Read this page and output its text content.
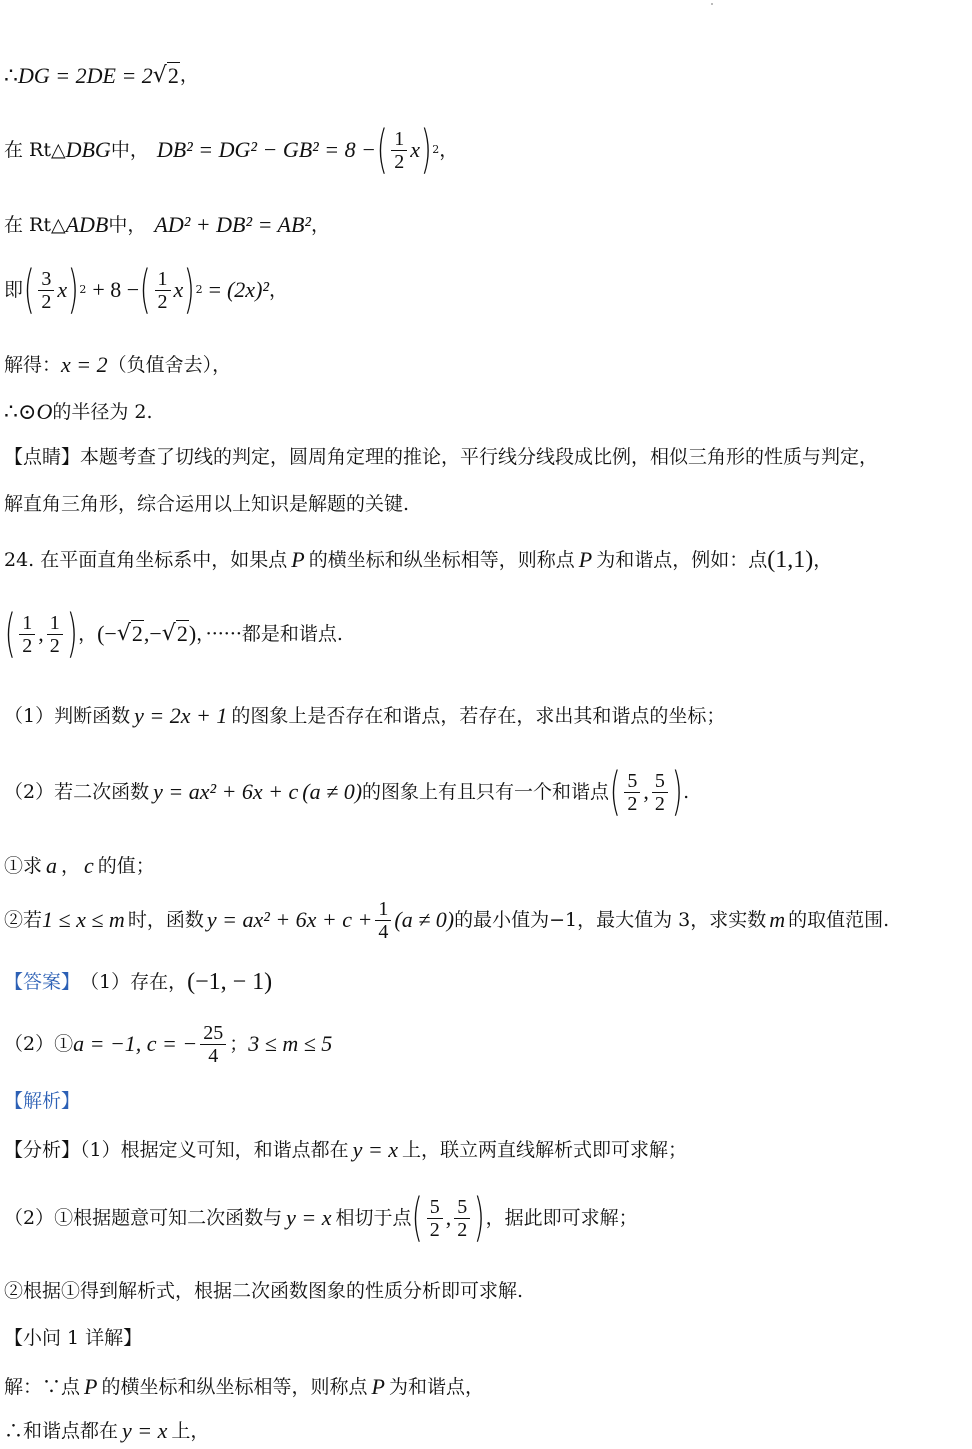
∴ DG = 2DE = 2 √ 2 ，
在 Rt△ DBG 中， DB² = DG² − GB² = 8 − ( $\frac{1}{2}$ x ) 2 ，
在 Rt△ ADB 中， AD² + DB² = AB² ，
即 ( $\frac{3}{2}$ x ) 2 + 8 − ( $\frac{1}{2}$ x ) 2 = (2x)² ，
解得： x = 2 （负值舍去），
∴⊙ O 的半径为 2.
【点睛】本题考查了切线的判定，圆周角定理的推论，平行线分线段成比例，相似三角形的性质与判定，
解直角三角形，综合运用以上知识是解题的关键.
24. 在平面直角坐标系中，如果点 P 的横坐标和纵坐标相等，则称点 P 为和谐点，例如：点 (1,1) ，
( $\frac{1}{2}$ , $\frac{1}{2}$ ) ， (− √ 2 ,− √ 2 ) ，······都是和谐点.
（1）判断函数 y = 2x + 1 的图象上是否存在和谐点，若存在，求出其和谐点的坐标；
（2）若二次函数 y = ax² + 6x + c (a ≠ 0) 的图象上有且只有一个和谐点 ( $\frac{5}{2}$ , $\frac{5}{2}$ ) .
①求 a ， c 的值；
②若 1 ≤ x ≤ m 时，函数 $y = ax^2 + 6x + c + \frac{1}{4} (a \ne 0)$ 的最小值为−1，最大值为 3，求实数 m 的取值范围.
【答案】 （1）存在， (−1, − 1)
（2）① a = −1, c = − $\frac{25}{4}$ ； 3 ≤ m ≤ 5
【解析】
【分析】（1）根据定义可知，和谐点都在 y = x 上，联立两直线解析式即可求解；
（2）①根据题意可知二次函数与 y = x 相切于点 ( $\frac{5}{2}$ , $\frac{5}{2}$ ) ，据此即可求解；
②根据①得到解析式，根据二次函数图象的性质分析即可求解.
【小问 1 详解】
解：∵点 P 的横坐标和纵坐标相等，则称点 P 为和谐点，
∴和谐点都在 y = x 上，
